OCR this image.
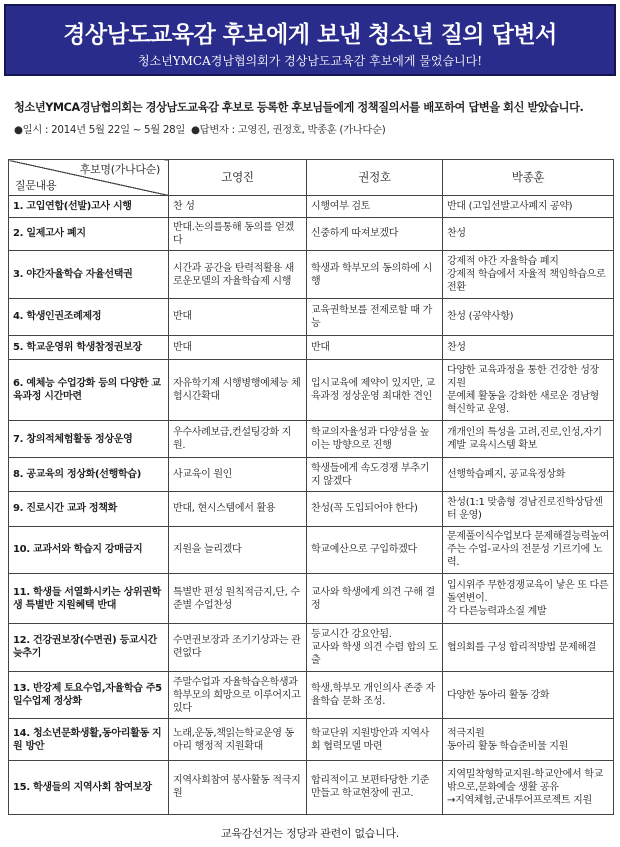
경상남도교육감 후보에게 보낸 청소년 질의 답변서
청소년YMCA경남협의회가 경상남도교육감 후보에게 물었습니다!
청소년YMCA경남협의회는 경상남도교육감 후보로 등록한 후보님들에게 정책질의서를 배포하여 답변을 회신 받았습니다.
●일시 : 2014년 5월 22일 ~ 5월 28일 ●답변자 : 고영진, 권정호, 박종훈 (가나다순)
후보명(가나다순)
질문내용	고영진	권정호	박종훈
1. 고입연합(선발)고사 시행	찬 성	시행여부 검토	반대 (고입선발고사폐지 공약)
2. 일제고사 폐지	반대.논의를통해 동의를 얻겠다	신중하게 따져보겠다	찬성
3. 야간자율학습 자율선택권	시간과 공간을 탄력적활용 새로운모델의 자율학습제 시행	학생과 학부모의 동의하에 시행	강제적 야간 자율학습 폐지
강제적 학습에서 자율적 책임학습으로 전환
4. 학생인권조례제정	반대	교육권학보를 전제로할 때 가능	찬성 (공약사항)
5. 학교운영위 학생참정권보장	반대	반대	찬성
6. 예체능 수업강화 등의 다양한 교육과정 시간마련	자유학기제 시행병행예체능 체험시간확대	입시교육에 제약이 있지만, 교육과정 정상운영 최대한 견인	다양한 교육과정을 통한 건강한 성장 지원
문예체 활동을 강화한 새로운 경남형 혁신학교 운영.
7. 창의적체험활동 정상운영	우수사례보급,컨설팅강화 지원.	학교의자율성과 다양성을 높이는 방향으로 진행	개개인의 특성을 고려,진로,인성,자기계발 교육시스템 확보
8. 공교육의 정상화(선행학습)	사교육이 원인	학생들에게 속도경쟁 부추기지 않겠다	선행학습폐지, 공교육정상화
9. 진로시간 교과 정책화	반대, 현시스템에서 활용	찬성(꼭 도입되어야 한다)	찬성(1:1 맞춤형 경남진로진학상담센터 운영)
10. 교과서와 학습지 강매금지	지원을 늘리겠다	학교예산으로 구입하겠다	문제풀이식수업보다 문제해결능력높여 주는 수업-교사의 전문성 기르기에 노력.
11. 학생들 서열화시키는 상위권학생 특별반 지원혜택 반대	특별반 편성 원칙적금지,단, 수준별 수업찬성	교사와 학생에게 의견 구해 결정	입시위주 무한경쟁교육이 낳은 또 다른 돌연변이.
각 다른능력과소질 계발
12. 건강권보장(수면권) 등교시간 늦추기	수면권보장과 조기기상과는 관련없다	등교시간 강요안됨.
교사와 학생 의견 수렴 합의 도출	협의회를 구성 합리적방법 문제해결
13. 반강제 토요수업,자율학습 주5일수업제 정상화	주말수업과 자율학습은학생과 학부모의 희망으로 이루어지고 있다	학생,학부모 개인의사 존중 자율학습 문화 조성.	다양한 동아리 활동 강화
14. 청소년문화생활,동아리활동 지원 방안	노래,운동,책읽는학교운영 동아리 행정적 지원확대	학교단위 지원방안과 지역사회 협력모델 마련	적극지원
동아리 활동 학습준비물 지원
15. 학생들의 지역사회 참여보장	지역사회참여 봉사활동 적극지원	합리적이고 보편타당한 기준만들고 학교현장에 권고.	지역밀착형학교지원-학교안에서 학교밖으로,문화예술 생활 공유
→지역체험,군내투어프로젝트 지원
교육감선거는 정당과 관련이 없습니다.
